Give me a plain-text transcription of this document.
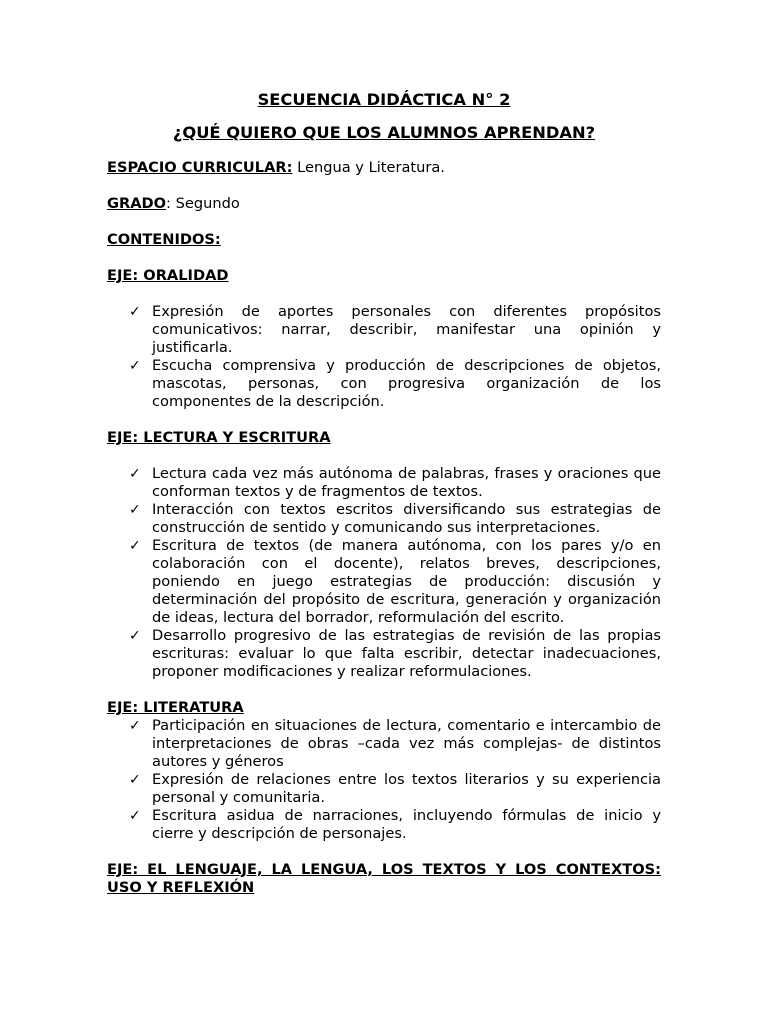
SECUENCIA DIDÁCTICA N° 2
¿QUÉ QUIERO QUE LOS ALUMNOS APRENDAN?

ESPACIO CURRICULAR: Lengua y Literatura.

GRADO: Segundo

CONTENIDOS:

EJE: ORALIDAD

✓ Expresión de aportes personales con diferentes propósitos comunicativos: narrar, describir, manifestar una opinión y justificarla.
✓ Escucha comprensiva y producción de descripciones de objetos, mascotas, personas, con progresiva organización de los componentes de la descripción.

EJE: LECTURA Y ESCRITURA

✓ Lectura cada vez más autónoma de palabras, frases y oraciones que conforman textos y de fragmentos de textos.
✓ Interacción con textos escritos diversificando sus estrategias de construcción de sentido y comunicando sus interpretaciones.
✓ Escritura de textos (de manera autónoma, con los pares y/o en colaboración con el docente), relatos breves, descripciones, poniendo en juego estrategias de producción: discusión y determinación del propósito de escritura, generación y organización de ideas, lectura del borrador, reformulación del escrito.
✓ Desarrollo progresivo de las estrategias de revisión de las propias escrituras: evaluar lo que falta escribir, detectar inadecuaciones, proponer modificaciones y realizar reformulaciones.

EJE: LITERATURA

✓ Participación en situaciones de lectura, comentario e intercambio de interpretaciones de obras –cada vez más complejas- de distintos autores y géneros
✓ Expresión de relaciones entre los textos literarios y su experiencia personal y comunitaria.
✓ Escritura asidua de narraciones, incluyendo fórmulas de inicio y cierre y descripción de personajes.

EJE: EL LENGUAJE, LA LENGUA, LOS TEXTOS Y LOS CONTEXTOS: USO Y REFLEXIÓN
